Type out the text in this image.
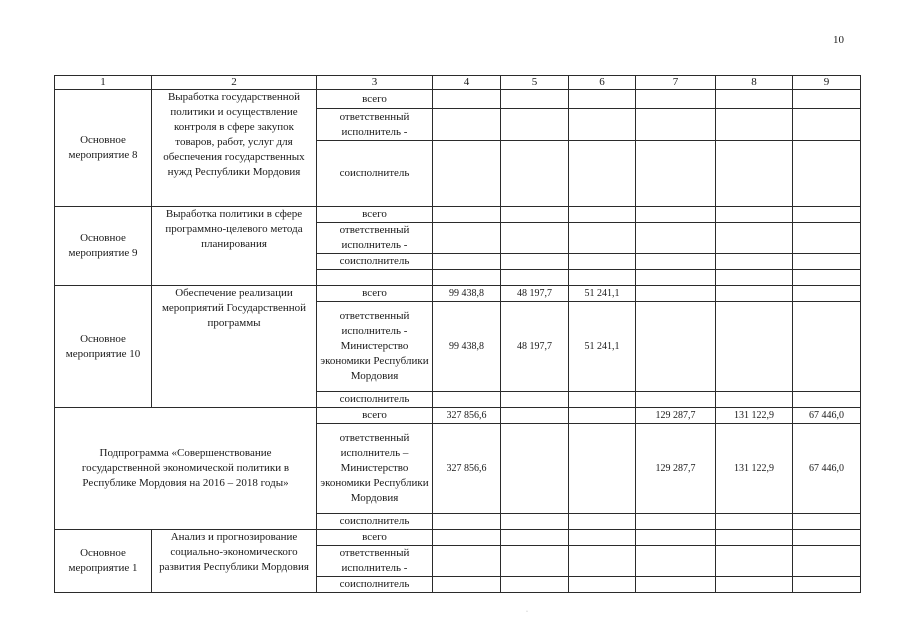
10
1	2	3	4	5	6	7	8	9
Основное мероприятие 8	Выработка государственной политики и осуществление контроля в сфере закупок товаров, работ, услуг для обеспечения государственных нужд Республики Мордовия	всего						
		ответственный исполнитель -						
		соисполнитель						
Основное мероприятие 9	Выработка политики в сфере программно-целевого метода планирования	всего						
		ответственный исполнитель -						
		соисполнитель						

Основное мероприятие 10	Обеспечение реализации мероприятий Государственной программы	всего	99 438,8	48 197,7	51 241,1			
		ответственный исполнитель - Министерство экономики Республики Мордовия	99 438,8	48 197,7	51 241,1			
		соисполнитель						
Подпрограмма «Совершенствование государственной экономической политики в Республике Мордовия на 2016 – 2018 годы»		всего	327 856,6			129 287,7	131 122,9	67 446,0
		ответственный исполнитель – Министерство экономики Республики Мордовия	327 856,6			129 287,7	131 122,9	67 446,0
		соисполнитель						
Основное мероприятие 1	Анализ и прогнозирование социально-экономического развития Республики Мордовия	всего						
		ответственный исполнитель -						
		соисполнитель						
·
